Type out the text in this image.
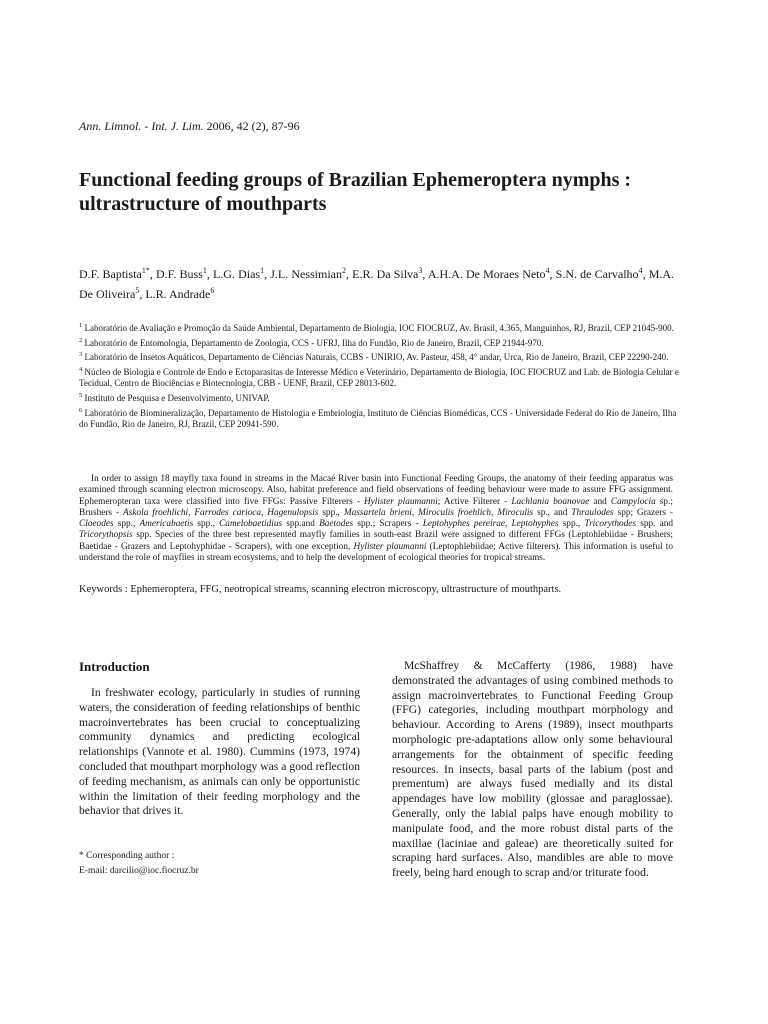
Ann. Limnol. - Int. J. Lim. 2006, 42 (2), 87-96
Functional feeding groups of Brazilian Ephemeroptera nymphs : ultrastructure of mouthparts

D.F. Baptista$^{1*}$, D.F. Buss$^1$, L.G. Dias$^1$, J.L. Nessimian$^2$, E.R. Da Silva$^3$, A.H.A. De Moraes Neto$^4$, S.N. de Carvalho$^4$, M.A. De Oliveira$^5$, L.R. Andrade$^6$

$^1$ Laboratório de Avaliação e Promoção da Saúde Ambiental, Departamento de Biologia, IOC FIOCRUZ, Av. Brasil, 4.365, Manguinhos, RJ, Brazil, CEP 21045-900.

$^2$ Laboratório de Entomologia, Departamento de Zoologia, CCS - UFRJ, Ilha do Fundão, Rio de Janeiro, Brazil, CEP 21944-970.

$^3$ Laboratório de Insetos Aquáticos, Departamento de Ciências Naturais, CCBS - UNIRIO, Av. Pasteur, 458, 4° andar, Urca, Rio de Janeiro, Brazil, CEP 22290-240.

$^4$ Núcleo de Biologia e Controle de Endo e Ectoparasitas de Interesse Médico e Veterinário, Departamento de Biologia, IOC FIOCRUZ and Lab. de Biologia Celular e Tecidual, Centro de Biociências e Biotecnologia, CBB - UENF, Brazil, CEP 28013-602.

$^5$ Instituto de Pesquisa e Desenvolvimento, UNIVAP.

$^6$ Laboratório de Biomineralização, Departamento de Histologia e Embriologia, Instituto de Ciências Biomédicas, CCS - Universidade Federal do Rio de Janeiro, Ilha do Fundão, Rio de Janeiro, RJ, Brazil, CEP 20941-590.

In order to assign 18 mayfly taxa found in streams in the Macaé River basin into Functional Feeding Groups, the anatomy of their feeding apparatus was examined through scanning electron microscopy. Also, habitat preference and field observations of feeding behaviour were made to assure FFG assignment. Ephemeropteran taxa were classified into five FFGs: Passive Filterers - Hylister plaumanni; Active Filterer - Lachlania boanovae and Campylocia sp.; Brushers - Askola froehlichi, Farrodes carioca, Hagenulopsis spp., Massartela brieni, Miroculis froehlich, Miroculis sp., and Thraulodes spp; Grazers - Cloeodes spp., Americabaetis spp., Camelobaetidius spp.and Baetodes spp.; Scrapers - Leptohyphes pereirae, Leptohyphes spp., Tricorythodes spp. and Tricorythopsis spp. Species of the three best represented mayfly families in south-east Brazil were assigned to different FFGs (Leptohlebiidae - Brushers; Baetidae - Grazers and Leptohyphidae - Scrapers), with one exception, Hylister plaumanni (Leptophlebiidae; Active filterers). This information is useful to understand the role of mayflies in stream ecosystems, and to help the development of ecological theories for tropical streams.

Keywords : Ephemeroptera, FFG, neotropical streams, scanning electron microscopy, ultrastructure of mouthparts.

Introduction

In freshwater ecology, particularly in studies of running waters, the consideration of feeding relationships of benthic macroinvertebrates has been crucial to conceptualizing community dynamics and predicting ecological relationships (Vannote et al. 1980). Cummins (1973, 1974) concluded that mouthpart morphology was a good reflection of feeding mechanism, as animals can only be opportunistic within the limitation of their feeding morphology and the behavior that drives it.

* Corresponding author :
E-mail: darcilio@ioc.fiocruz.br

McShaffrey & McCafferty (1986, 1988) have demonstrated the advantages of using combined methods to assign macroinvertebrates to Functional Feeding Group (FFG) categories, including mouthpart morphology and behaviour. According to Arens (1989), insect mouthparts morphologic pre-adaptations allow only some behavioural arrangements for the obtainment of specific feeding resources. In insects, basal parts of the labium (post and prementum) are always fused medially and its distal appendages have low mobility (glossae and paraglossae). Generally, only the labial palps have enough mobility to manipulate food, and the more robust distal parts of the maxillae (laciniae and galeae) are theoretically suited for scraping hard surfaces. Also, mandibles are able to move freely, being hard enough to scrap and/or triturate food.
